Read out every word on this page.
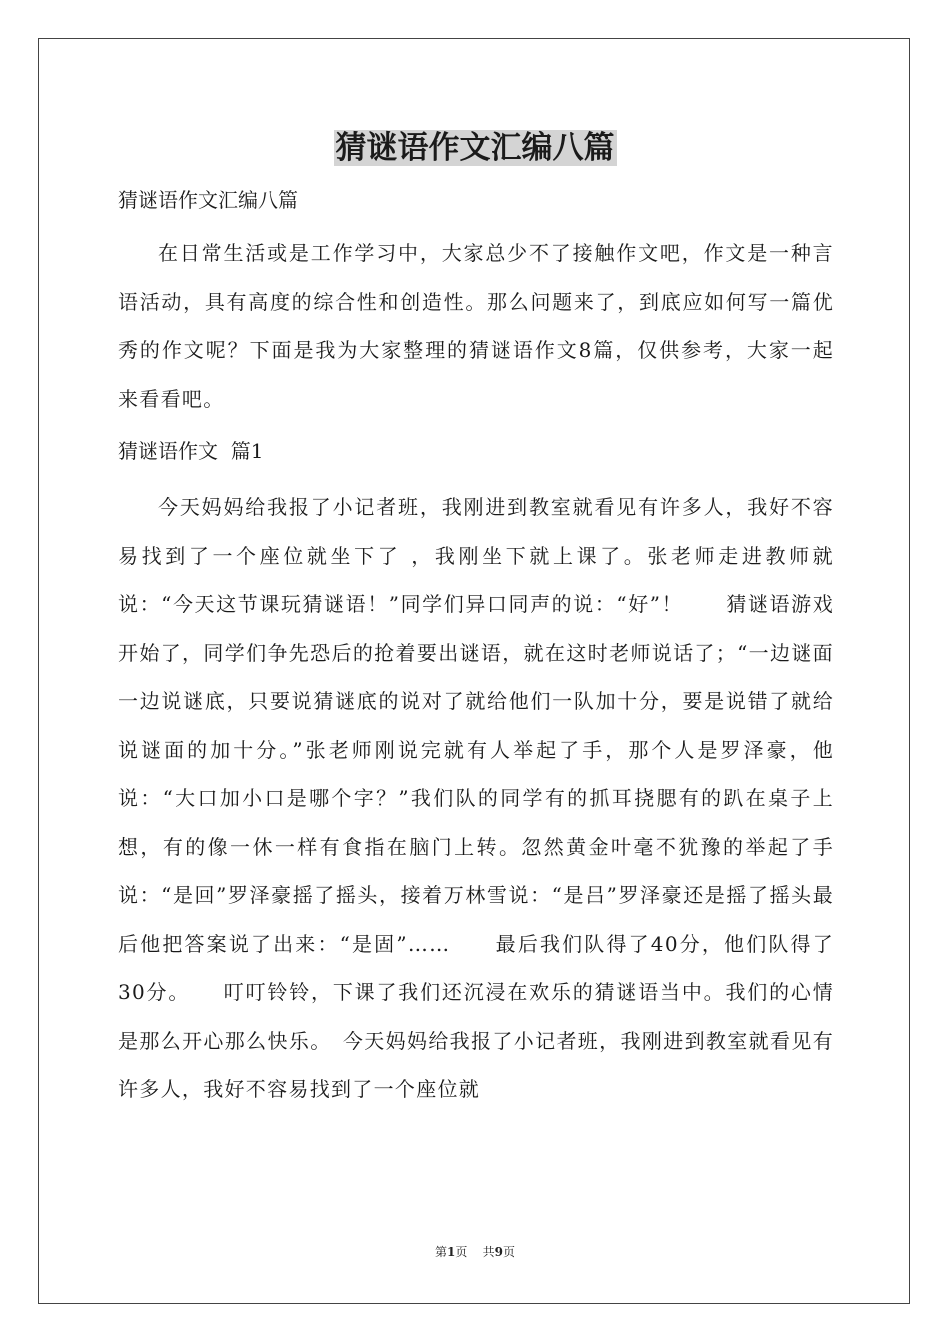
猜谜语作文汇编八篇

猜谜语作文汇编八篇

在日常生活或是工作学习中，大家总少不了接触作文吧，作文是一种言语活动，具有高度的综合性和创造性。那么问题来了，到底应如何写一篇优秀的作文呢？下面是我为大家整理的猜谜语作文8篇，仅供参考，大家一起来看看吧。

猜谜语作文  篇1

今天妈妈给我报了小记者班，我刚进到教室就看见有许多人，我好不容易找到了一个座位就坐下了 ，我刚坐下就上课了。张老师走进教师就说：“今天这节课玩猜谜语！”同学们异口同声的说：“好”！　　猜谜语游戏开始了，同学们争先恐后的抢着要出谜语，就在这时老师说话了；“一边谜面一边说谜底，只要说猜谜底的说对了就给他们一队加十分，要是说错了就给说谜面的加十分。”张老师刚说完就有人举起了手，那个人是罗泽豪，他说：“大口加小口是哪个字？”我们队的同学有的抓耳挠腮有的趴在桌子上想，有的像一休一样有食指在脑门上转。忽然黄金叶毫不犹豫的举起了手说：“是回”罗泽豪摇了摇头，接着万林雪说：“是吕”罗泽豪还是摇了摇头最后他把答案说了出来：“是固”……　　最后我们队得了40分，他们队得了30分。　　叮叮铃铃，下课了我们还沉浸在欢乐的猜谜语当中。我们的心情是那么开心那么快乐。　今天妈妈给我报了小记者班，我刚进到教室就看见有许多人，我好不容易找到了一个座位就

第1页 共9页
